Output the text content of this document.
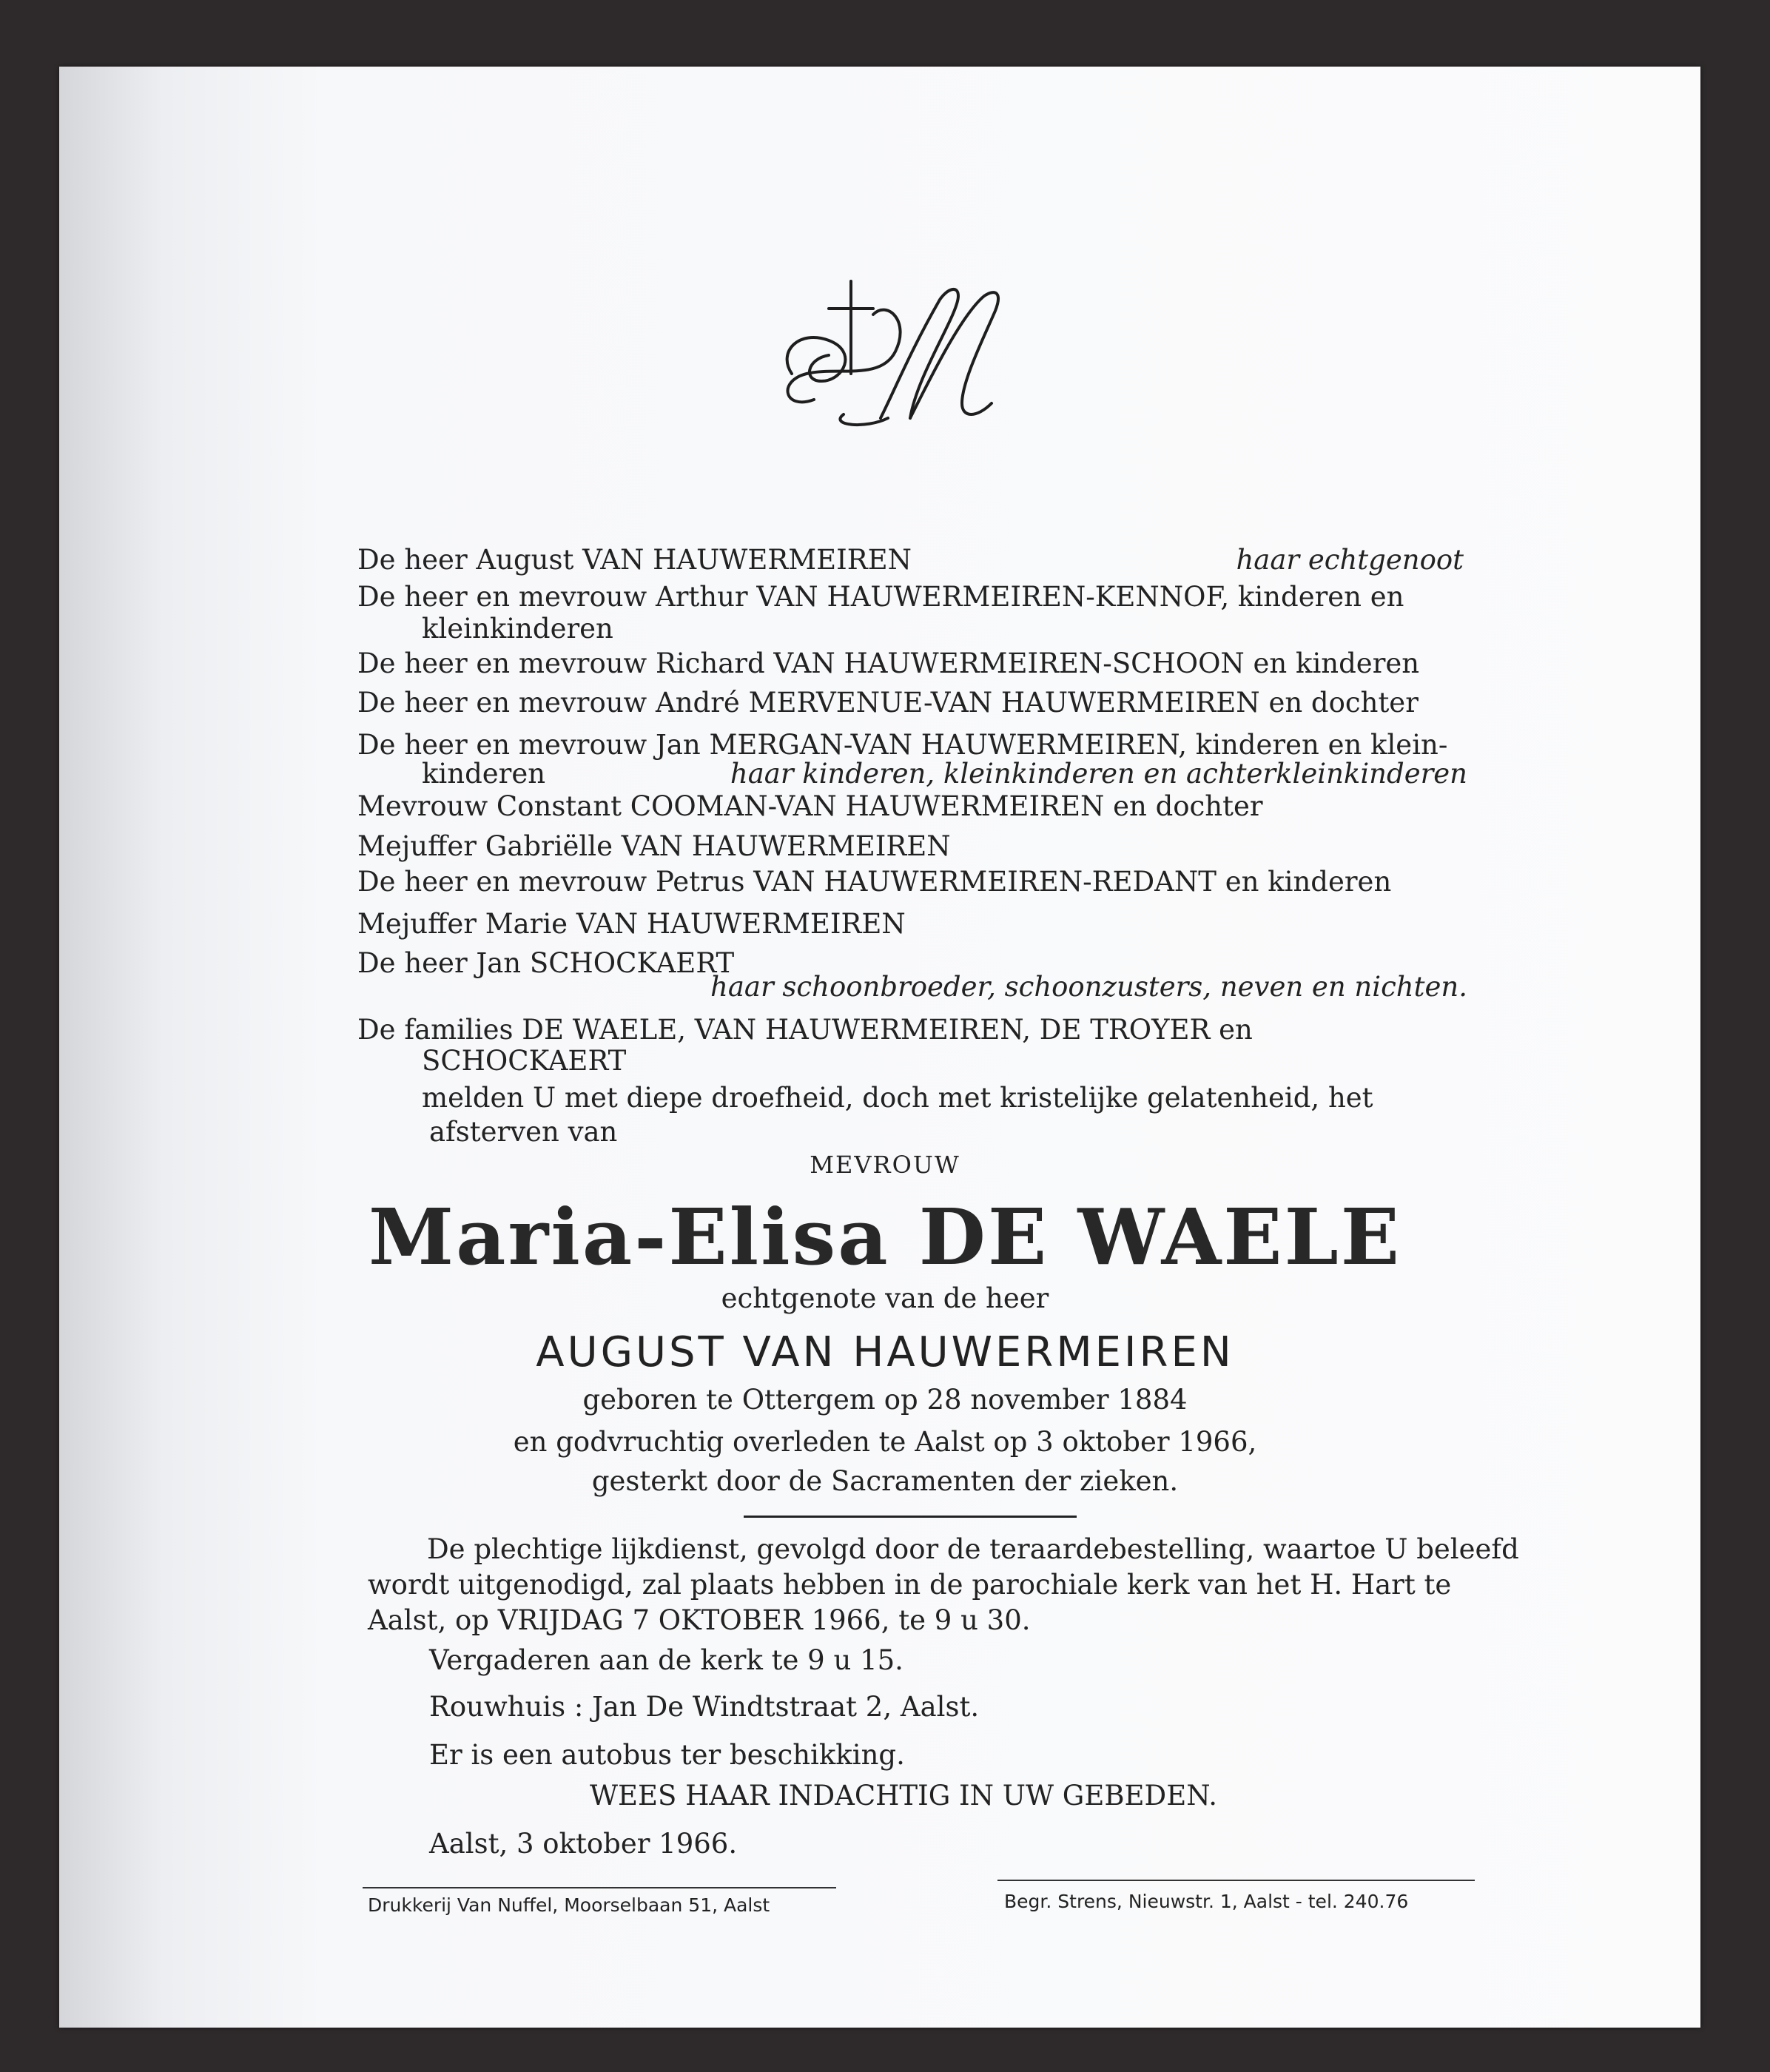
M
De heer August VAN HAUWERMEIREN	haar echtgenoot
De heer en mevrouw Arthur VAN HAUWERMEIREN-KENNOF, kinderen en
kleinkinderen
De heer en mevrouw Richard VAN HAUWERMEIREN-SCHOON en kinderen
De heer en mevrouw André MERVENUE-VAN HAUWERMEIREN en dochter
De heer en mevrouw Jan MERGAN-VAN HAUWERMEIREN, kinderen en klein-
kinderen	haar kinderen, kleinkinderen en achterkleinkinderen
Mevrouw Constant COOMAN-VAN HAUWERMEIREN en dochter
Mejuffer Gabriëlle VAN HAUWERMEIREN
De heer en mevrouw Petrus VAN HAUWERMEIREN-REDANT en kinderen
Mejuffer Marie VAN HAUWERMEIREN
De heer Jan SCHOCKAERT
haar schoonbroeder, schoonzusters, neven en nichten.
De families DE WAELE, VAN HAUWERMEIREN, DE TROYER en
SCHOCKAERT
melden U met diepe droefheid, doch met kristelijke gelatenheid, het
afsterven van
MEVROUW
Maria-Elisa DE WAELE
echtgenote van de heer
AUGUST VAN HAUWERMEIREN
geboren te Ottergem op 28 november 1884
en godvruchtig overleden te Aalst op 3 oktober 1966,
gesterkt door de Sacramenten der zieken.
De plechtige lijkdienst, gevolgd door de teraardebestelling, waartoe U beleefd
wordt uitgenodigd, zal plaats hebben in de parochiale kerk van het H. Hart te
Aalst, op VRIJDAG 7 OKTOBER 1966, te 9 u 30.
Vergaderen aan de kerk te 9 u 15.
Rouwhuis : Jan De Windtstraat 2, Aalst.
Er is een autobus ter beschikking.
WEES HAAR INDACHTIG IN UW GEBEDEN.
Aalst, 3 oktober 1966.
Drukkerij Van Nuffel, Moorselbaan 51, Aalst	Begr. Strens, Nieuwstr. 1, Aalst - tel. 240.76
